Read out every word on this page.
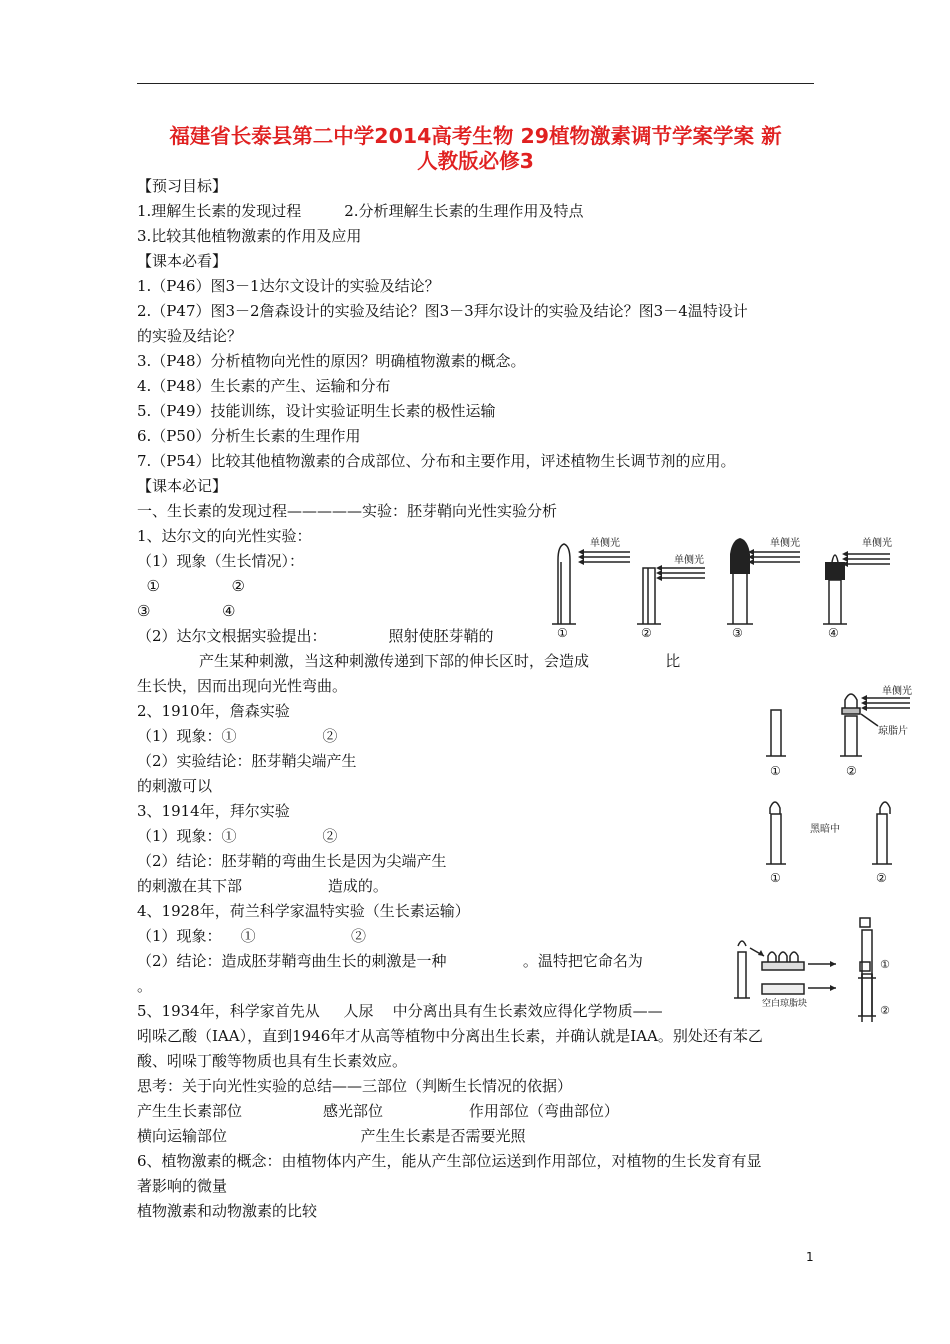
福建省长泰县第二中学2014高考生物 29植物激素调节学案学案 新
人教版必修3
【预习目标】
1.理解生长素的发现过程         2.分析理解生长素的生理作用及特点
3.比较其他植物激素的作用及应用
【课本必看】
1.（P46）图3－1达尔文设计的实验及结论？
2.（P47）图3－2詹森设计的实验及结论？图3－3拜尔设计的实验及结论？图3－4温特设计
的实验及结论？
3.（P48）分析植物向光性的原因？明确植物激素的概念。
4.（P48）生长素的产生、运输和分布
5.（P49）技能训练，设计实验证明生长素的极性运输
6.（P50）分析生长素的生理作用
7.（P54）比较其他植物激素的合成部位、分布和主要作用，评述植物生长调节剂的应用。
【课本必记】
一、生长素的发现过程—————实验：胚芽鞘向光性实验分析
1、达尔文的向光性实验：
（1）现象（生长情况）：
①               ②
③               ④
（2）达尔文根据实验提出：             照射使胚芽鞘的
产生某种刺激，当这种刺激传递到下部的伸长区时，会造成                比
生长快，因而出现向光性弯曲。
2、1910年，詹森实验
（1）现象：①                  ②
（2）实验结论：胚芽鞘尖端产生
的刺激可以
3、1914年，拜尔实验
（1）现象：①                  ②
（2）结论：胚芽鞘的弯曲生长是因为尖端产生
的刺激在其下部                  造成的。
4、1928年，荷兰科学家温特实验（生长素运输）
（1）现象：    ①                    ②
（2）结论：造成胚芽鞘弯曲生长的刺激是一种                。温特把它命名为
。
5、1934年，科学家首先从     人尿    中分离出具有生长素效应得化学物质——
吲哚乙酸（IAA），直到1946年才从高等植物中分离出生长素，并确认就是IAA。别处还有苯乙
酸、吲哚丁酸等物质也具有生长素效应。
思考：关于向光性实验的总结——三部位（判断生长情况的依据）
产生生长素部位                 感光部位                  作用部位（弯曲部位）
横向运输部位                            产生生长素是否需要光照
6、植物激素的概念：由植物体内产生，能从产生部位运送到作用部位，对植物的生长发育有显
著影响的微量
植物激素和动物激素的比较
单侧光
单侧光
单侧光	单侧光
①	②	③	④
单侧光
琼脂片
①	②
黑暗中
①	②
空白琼脂块
①
②
1
